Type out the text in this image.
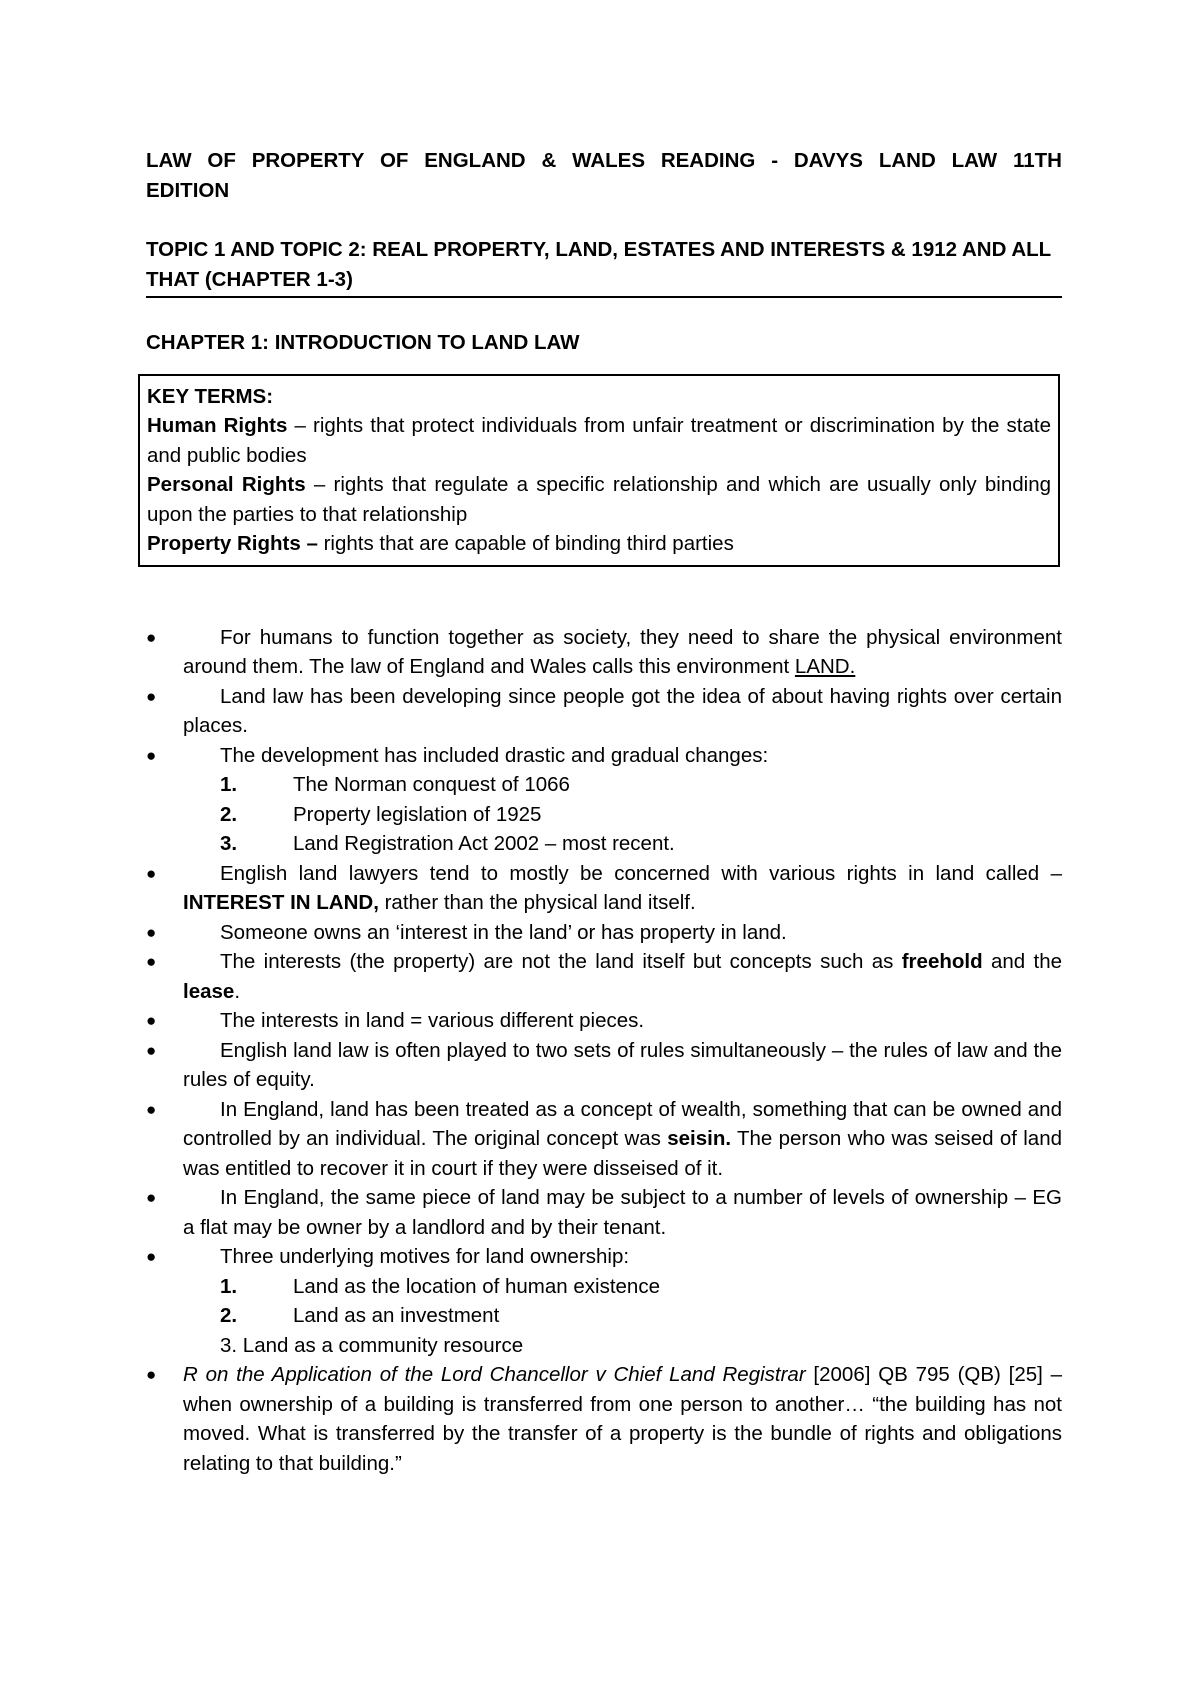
LAW OF PROPERTY OF ENGLAND & WALES READING - DAVYS LAND LAW 11TH EDITION

TOPIC 1 AND TOPIC 2: REAL PROPERTY, LAND, ESTATES AND INTERESTS & 1912 AND ALL THAT (CHAPTER 1-3)

CHAPTER 1: INTRODUCTION TO LAND LAW

KEY TERMS:

Human Rights – rights that protect individuals from unfair treatment or discrimination by the state and public bodies

Personal Rights – rights that regulate a specific relationship and which are usually only binding upon the parties to that relationship

Property Rights – rights that are capable of binding third parties

●	For humans to function together as society, they need to share the physical environment around them. The law of England and Wales calls this environment LAND.
●	Land law has been developing since people got the idea of about having rights over certain places.
●	The development has included drastic and gradual changes:
1.	The Norman conquest of 1066
2.	Property legislation of 1925
3.	Land Registration Act 2002 – most recent.
●	English land lawyers tend to mostly be concerned with various rights in land called – INTEREST IN LAND, rather than the physical land itself.
●	Someone owns an ‘interest in the land’ or has property in land.
●	The interests (the property) are not the land itself but concepts such as freehold and the lease.
●	The interests in land = various different pieces.
●	English land law is often played to two sets of rules simultaneously – the rules of law and the rules of equity.
●	In England, land has been treated as a concept of wealth, something that can be owned and controlled by an individual. The original concept was seisin. The person who was seised of land was entitled to recover it in court if they were disseised of it.
●	In England, the same piece of land may be subject to a number of levels of ownership – EG a flat may be owner by a landlord and by their tenant.
●	Three underlying motives for land ownership:
1.	Land as the location of human existence
2.	Land as an investment
3. Land as a community resource
● R on the Application of the Lord Chancellor v Chief Land Registrar [2006] QB 795 (QB) [25] – when ownership of a building is transferred from one person to another… “the building has not moved. What is transferred by the transfer of a property is the bundle of rights and obligations relating to that building.”
